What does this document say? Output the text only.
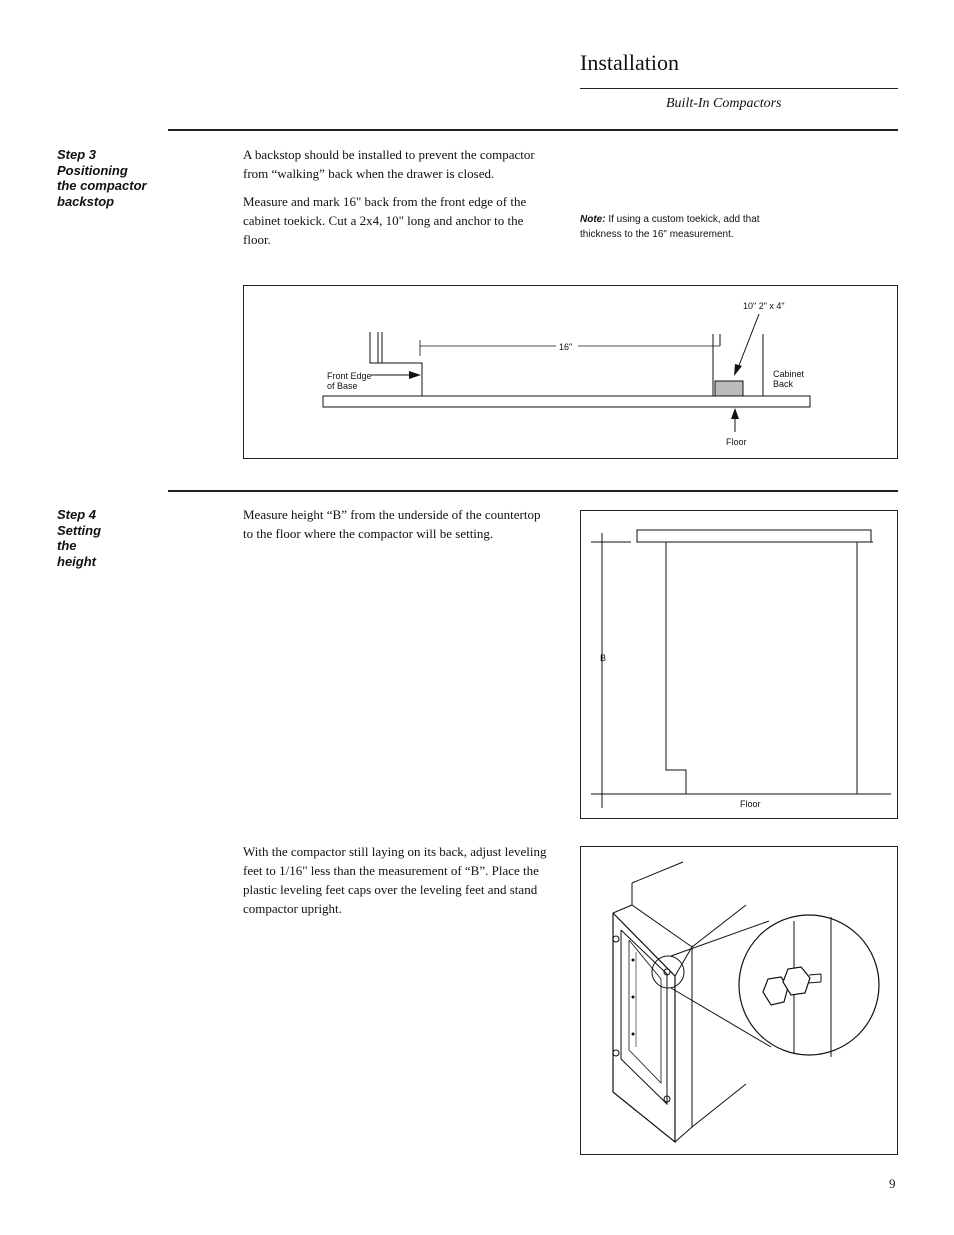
Installation
Built-In Compactors
Step 3
Positioning
the compactor
backstop

A backstop should be installed to prevent the compactor from “walking” back when the drawer is closed.

Measure and mark 16" back from the front edge of the cabinet toekick. Cut a 2x4, 10" long and anchor to the floor.

Note: If using a custom toekick, add that thickness to the 16" measurement.
16"
10" 2" x 4"
Front Edge
of Base
Cabinet
Back
Floor
Step 4
Setting
the
height

Measure height “B” from the underside of the countertop to the floor where the compactor will be setting.

B
Floor

With the compactor still laying on its back, adjust leveling feet to 1/16" less than the measurement of “B”. Place the plastic leveling feet caps over the leveling feet and stand compactor upright.

9
